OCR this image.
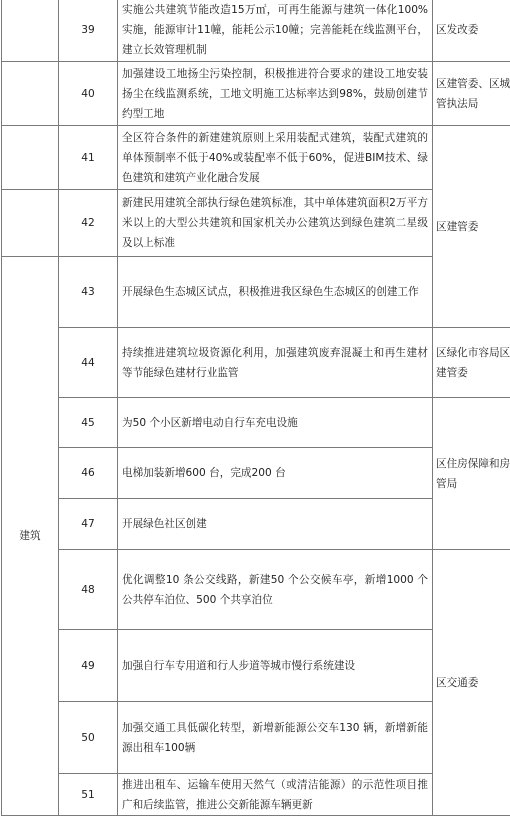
	39	实施公共建筑节能改造15万㎡，可再生能源与建筑一体化100%实施，能源审计11幢，能耗公示10幢；完善能耗在线监测平台，建立长效管理机制	区发改委
	40	加强建设工地扬尘污染控制，积极推进符合要求的建设工地安装扬尘在线监测系统，工地文明施工达标率达到98%，鼓励创建节约型工地	区建管委、区城管执法局
	41	全区符合条件的新建建筑原则上采用装配式建筑，装配式建筑的单体预制率不低于40%或装配率不低于60%，促进BIM技术、绿色建筑和建筑产业化融合发展	区建管委
	42	新建民用建筑全部执行绿色建筑标准，其中单体建筑面积2万平方米以上的大型公共建筑和国家机关办公建筑达到绿色建筑二星级及以上标准	
建筑	43	开展绿色生态城区试点，积极推进我区绿色生态城区的创建工作	
	44	持续推进建筑垃圾资源化利用，加强建筑废弃混凝土和再生建材等节能绿色建材行业监管	区绿化市容局区建管委
	45	为50 个小区新增电动自行车充电设施	区住房保障和房管局
	46	电梯加装新增600 台，完成200 台	
	47	开展绿色社区创建	
	48	优化调整10 条公交线路，新建50 个公交候车亭，新增1000 个公共停车泊位、500 个共享泊位	区交通委
	49	加强自行车专用道和行人步道等城市慢行系统建设	
	50	加强交通工具低碳化转型，新增新能源公交车130 辆，新增新能源出租车100辆	
	51	推进出租车、运输车使用天然气（或清洁能源）的示范性项目推广和后续监管，推进公交新能源车辆更新	
